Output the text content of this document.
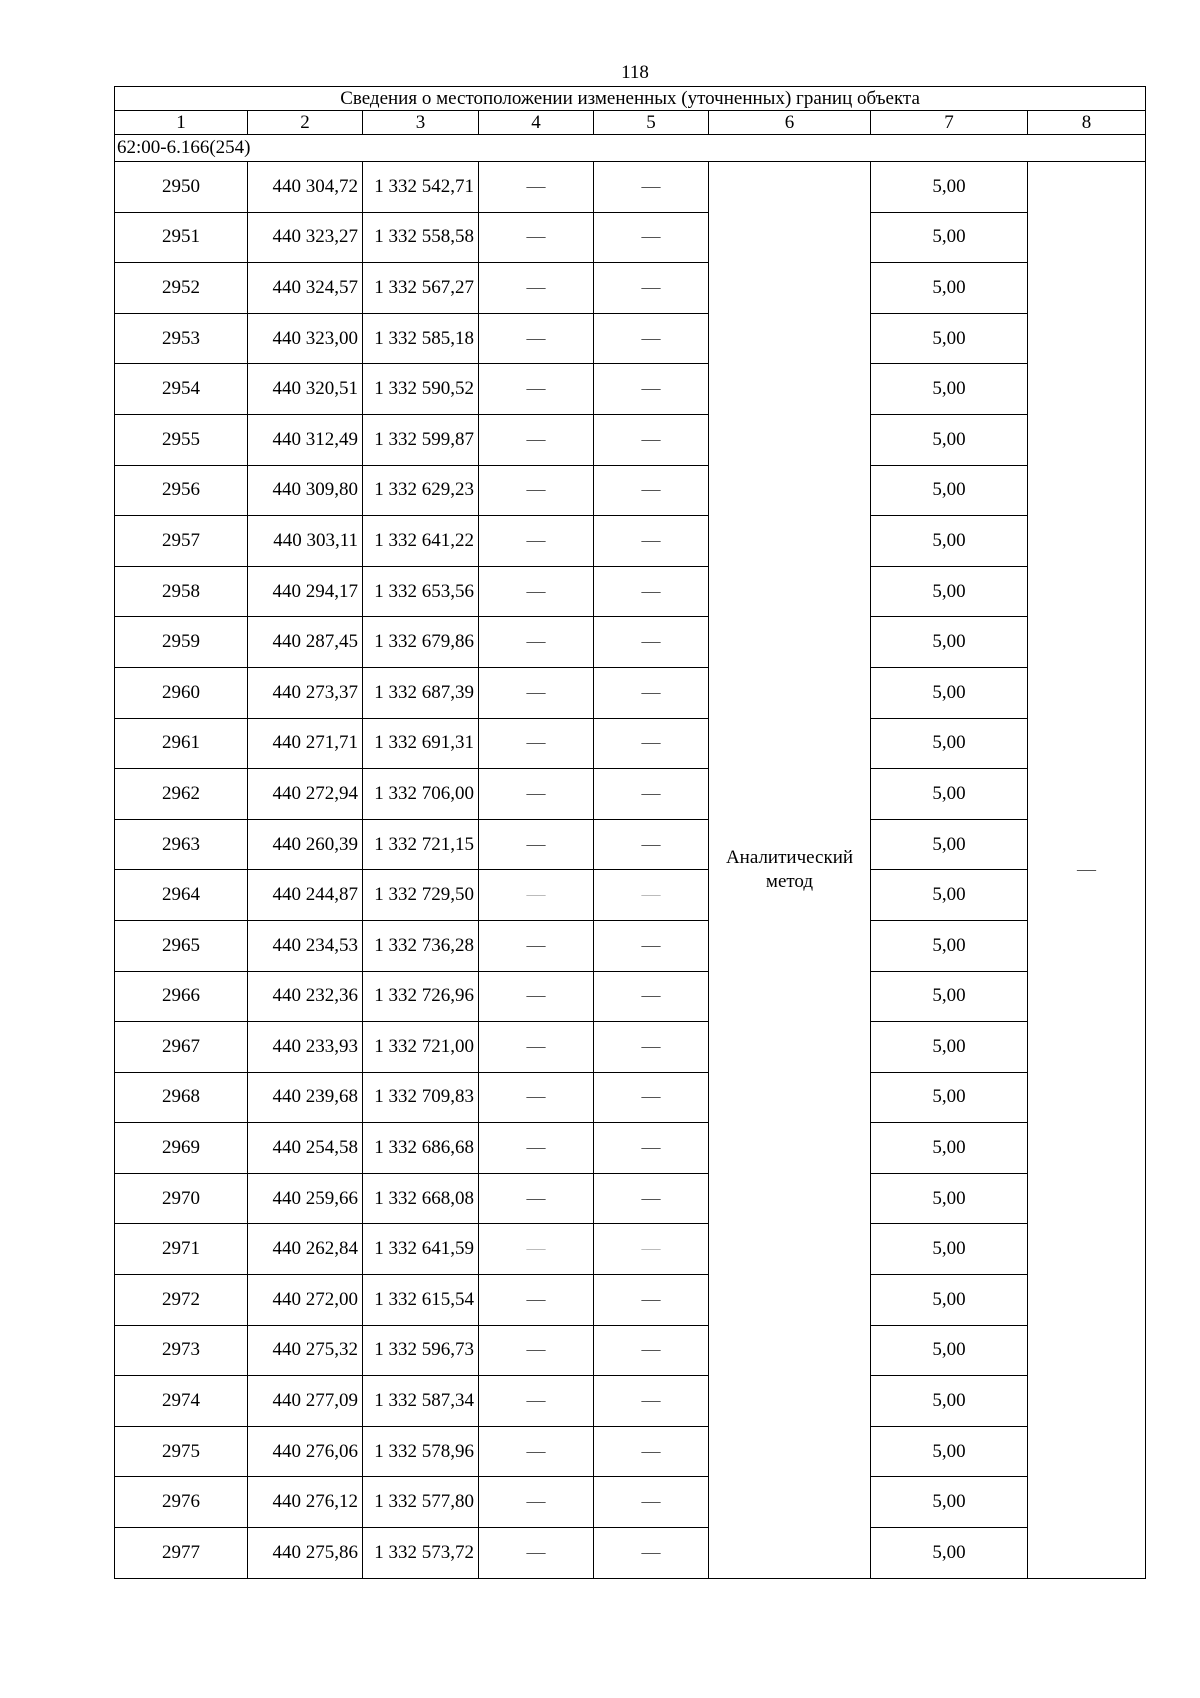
118
Сведения о местоположении измененных (уточненных) границ объекта							
1	2	3	4	5	6	7	8
62:00-6.166(254)							
2950	440 304,72	1 332 542,71	—	—	Аналитический метод	5,00	—
2951	440 323,27	1 332 558,58	—	—		5,00	
2952	440 324,57	1 332 567,27	—	—		5,00	
2953	440 323,00	1 332 585,18	—	—		5,00	
2954	440 320,51	1 332 590,52	—	—		5,00	
2955	440 312,49	1 332 599,87	—	—		5,00	
2956	440 309,80	1 332 629,23	—	—		5,00	
2957	440 303,11	1 332 641,22	—	—		5,00	
2958	440 294,17	1 332 653,56	—	—		5,00	
2959	440 287,45	1 332 679,86	—	—		5,00	
2960	440 273,37	1 332 687,39	—	—		5,00	
2961	440 271,71	1 332 691,31	—	—		5,00	
2962	440 272,94	1 332 706,00	—	—		5,00	
2963	440 260,39	1 332 721,15	—	—		5,00	
2964	440 244,87	1 332 729,50	—	—		5,00	
2965	440 234,53	1 332 736,28	—	—		5,00	
2966	440 232,36	1 332 726,96	—	—		5,00	
2967	440 233,93	1 332 721,00	—	—		5,00	
2968	440 239,68	1 332 709,83	—	—		5,00	
2969	440 254,58	1 332 686,68	—	—		5,00	
2970	440 259,66	1 332 668,08	—	—		5,00	
2971	440 262,84	1 332 641,59	—	—		5,00	
2972	440 272,00	1 332 615,54	—	—		5,00	
2973	440 275,32	1 332 596,73	—	—		5,00	
2974	440 277,09	1 332 587,34	—	—		5,00	
2975	440 276,06	1 332 578,96	—	—		5,00	
2976	440 276,12	1 332 577,80	—	—		5,00	
2977	440 275,86	1 332 573,72	—	—		5,00	
